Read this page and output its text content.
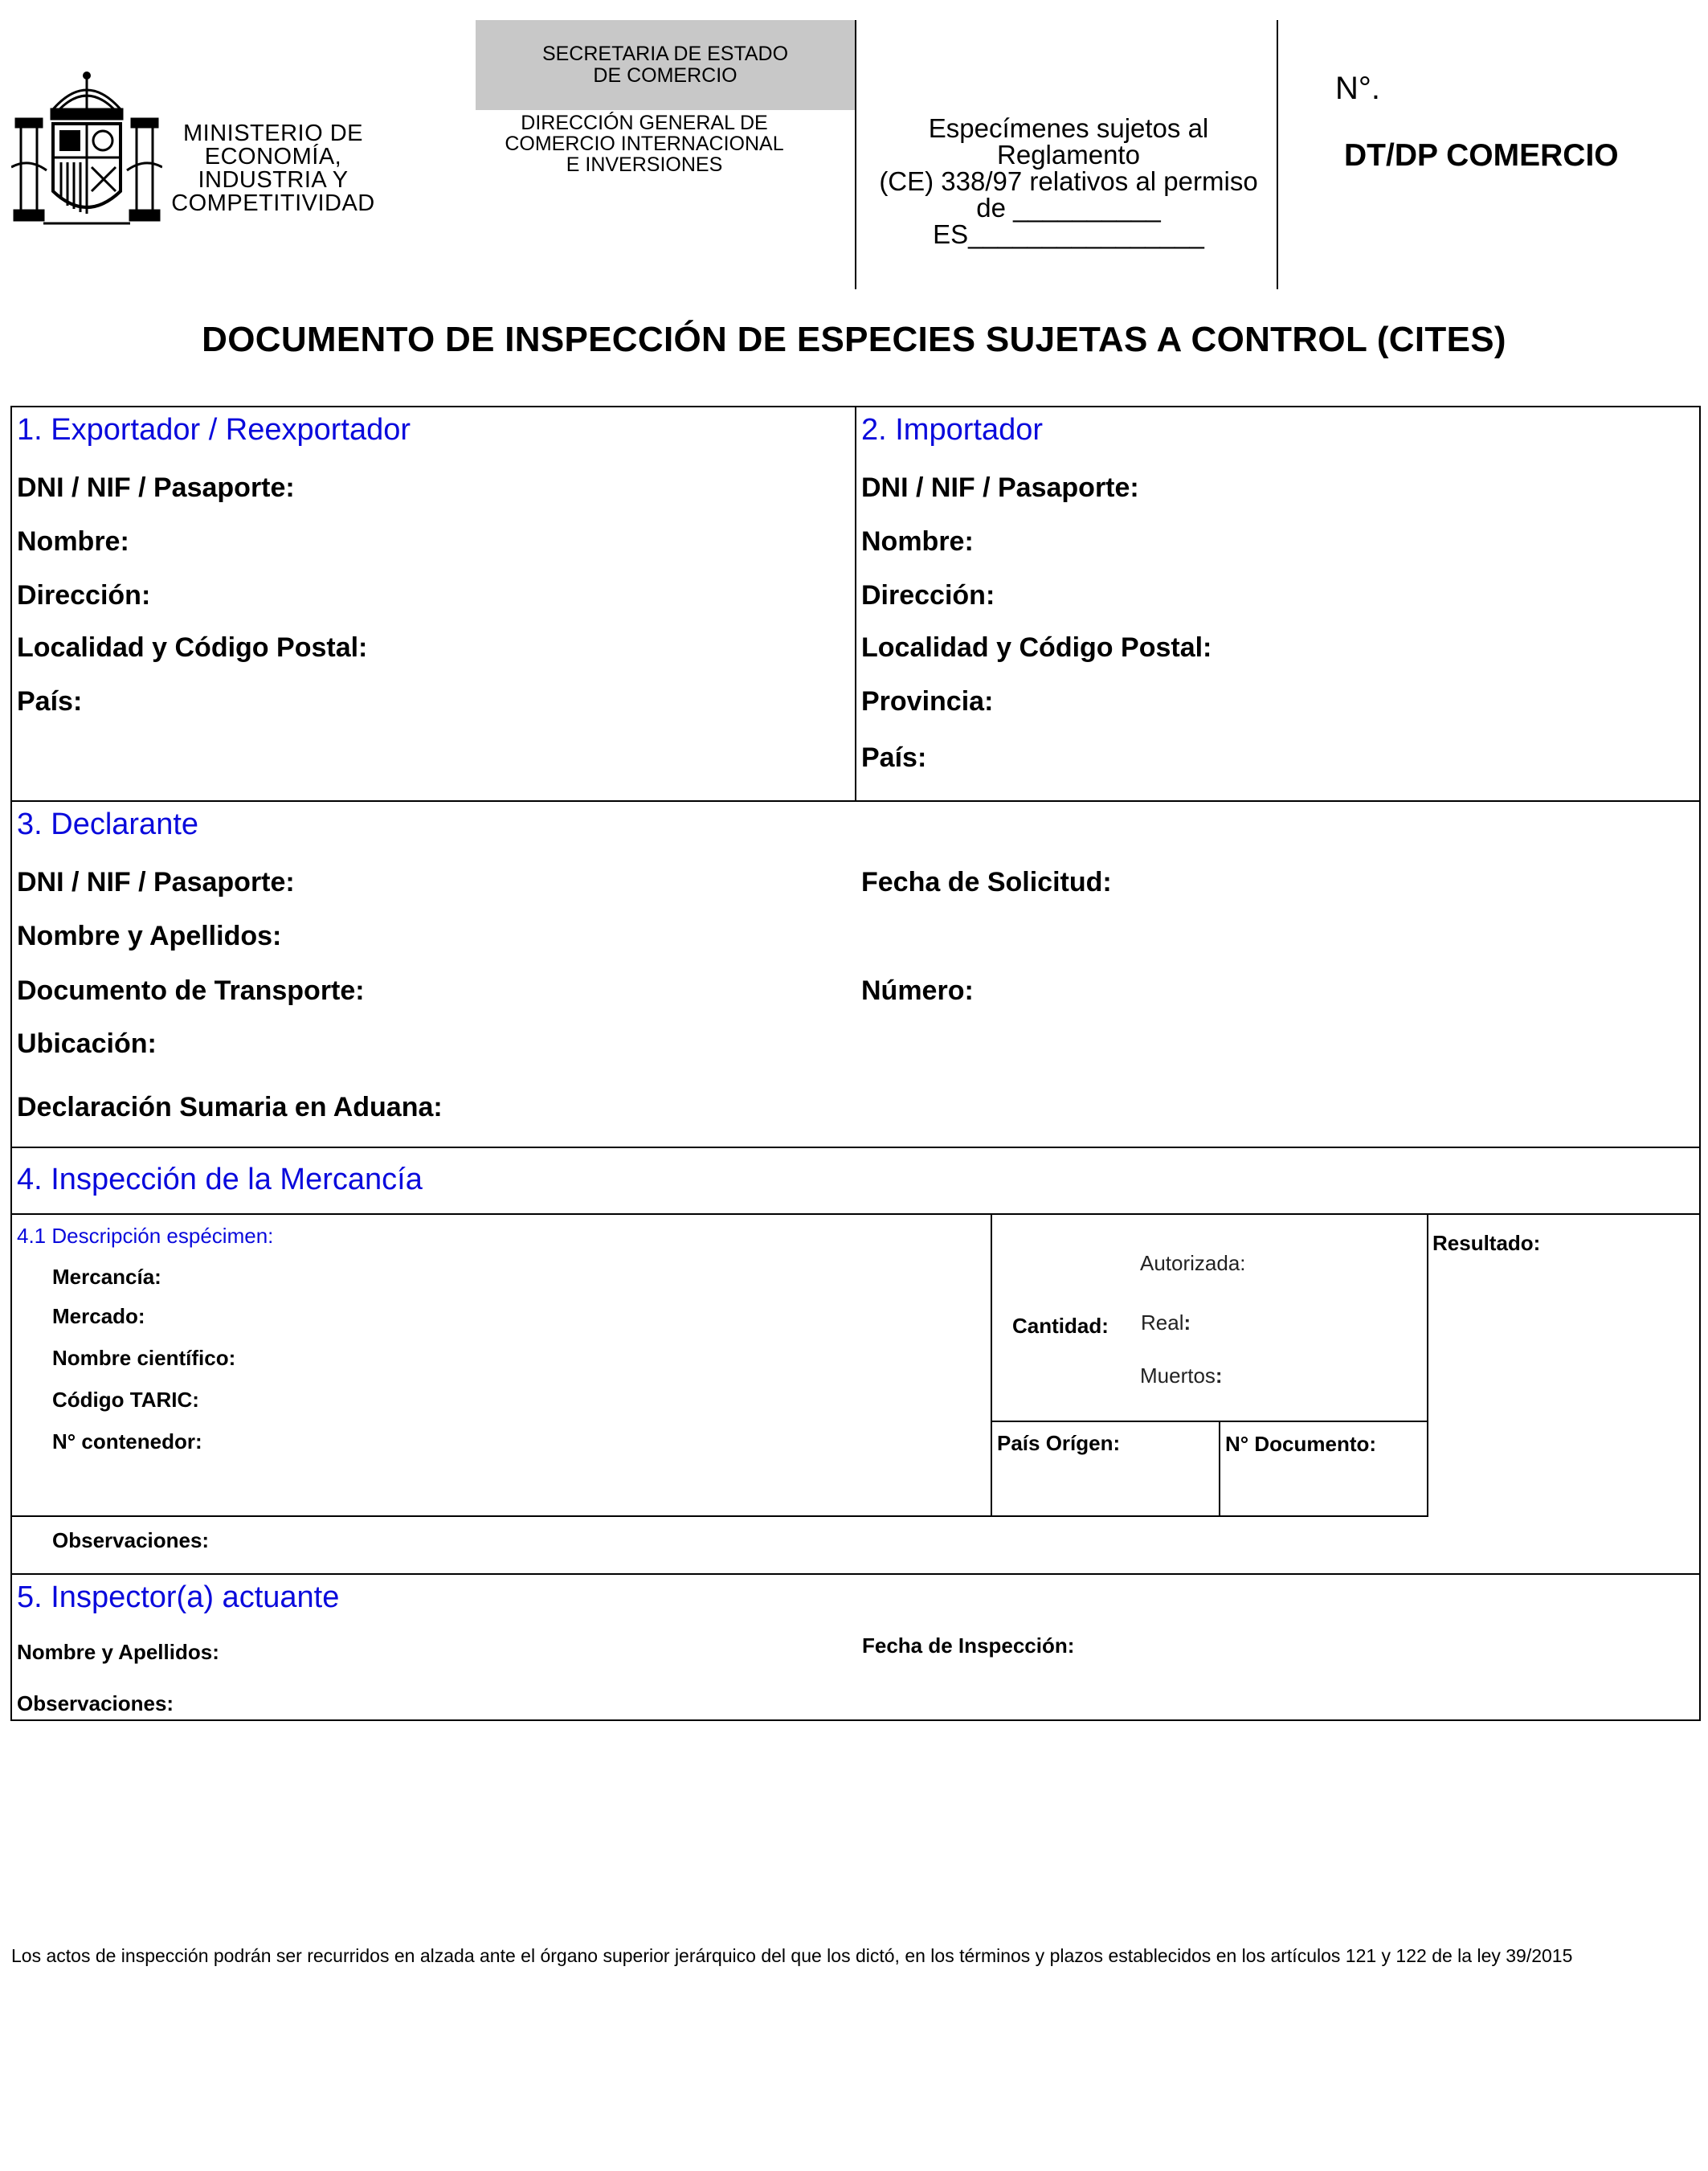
MINISTERIO DE
ECONOMÍA,
INDUSTRIA Y
COMPETITIVIDAD
SECRETARIA DE ESTADO
DE COMERCIO
DIRECCIÓN GENERAL DE
COMERCIO INTERNACIONAL
E INVERSIONES
Especímenes sujetos al
Reglamento
(CE) 338/97 relativos al permiso
de __________
ES________________
N°.
DT/DP COMERCIO
DOCUMENTO DE INSPECCIÓN DE ESPECIES SUJETAS A CONTROL (CITES)
1. Exportador / Reexportador
DNI / NIF / Pasaporte:
Nombre:
Dirección:
Localidad y Código Postal:
País:
2. Importador
DNI / NIF / Pasaporte:
Nombre:
Dirección:
Localidad y Código Postal:
Provincia:
País:
3. Declarante
DNI / NIF / Pasaporte:
Nombre y Apellidos:
Documento de Transporte:
Ubicación:
Declaración Sumaria en Aduana:
Fecha de Solicitud:
Número:
4. Inspección de la Mercancía
4.1 Descripción espécimen:
Mercancía:
Mercado:
Nombre científico:
Código TARIC:
N° contenedor:
Cantidad:
Autorizada:
Real:
Muertos:
Resultado:
País Orígen:	N° Documento:
Observaciones:
5. Inspector(a) actuante
Nombre y Apellidos:	Fecha de Inspección:
Observaciones:
Los actos de inspección podrán ser recurridos en alzada ante el órgano superior jerárquico del que los dictó, en los términos y plazos establecidos en los artículos 121 y 122 de la ley 39/2015
